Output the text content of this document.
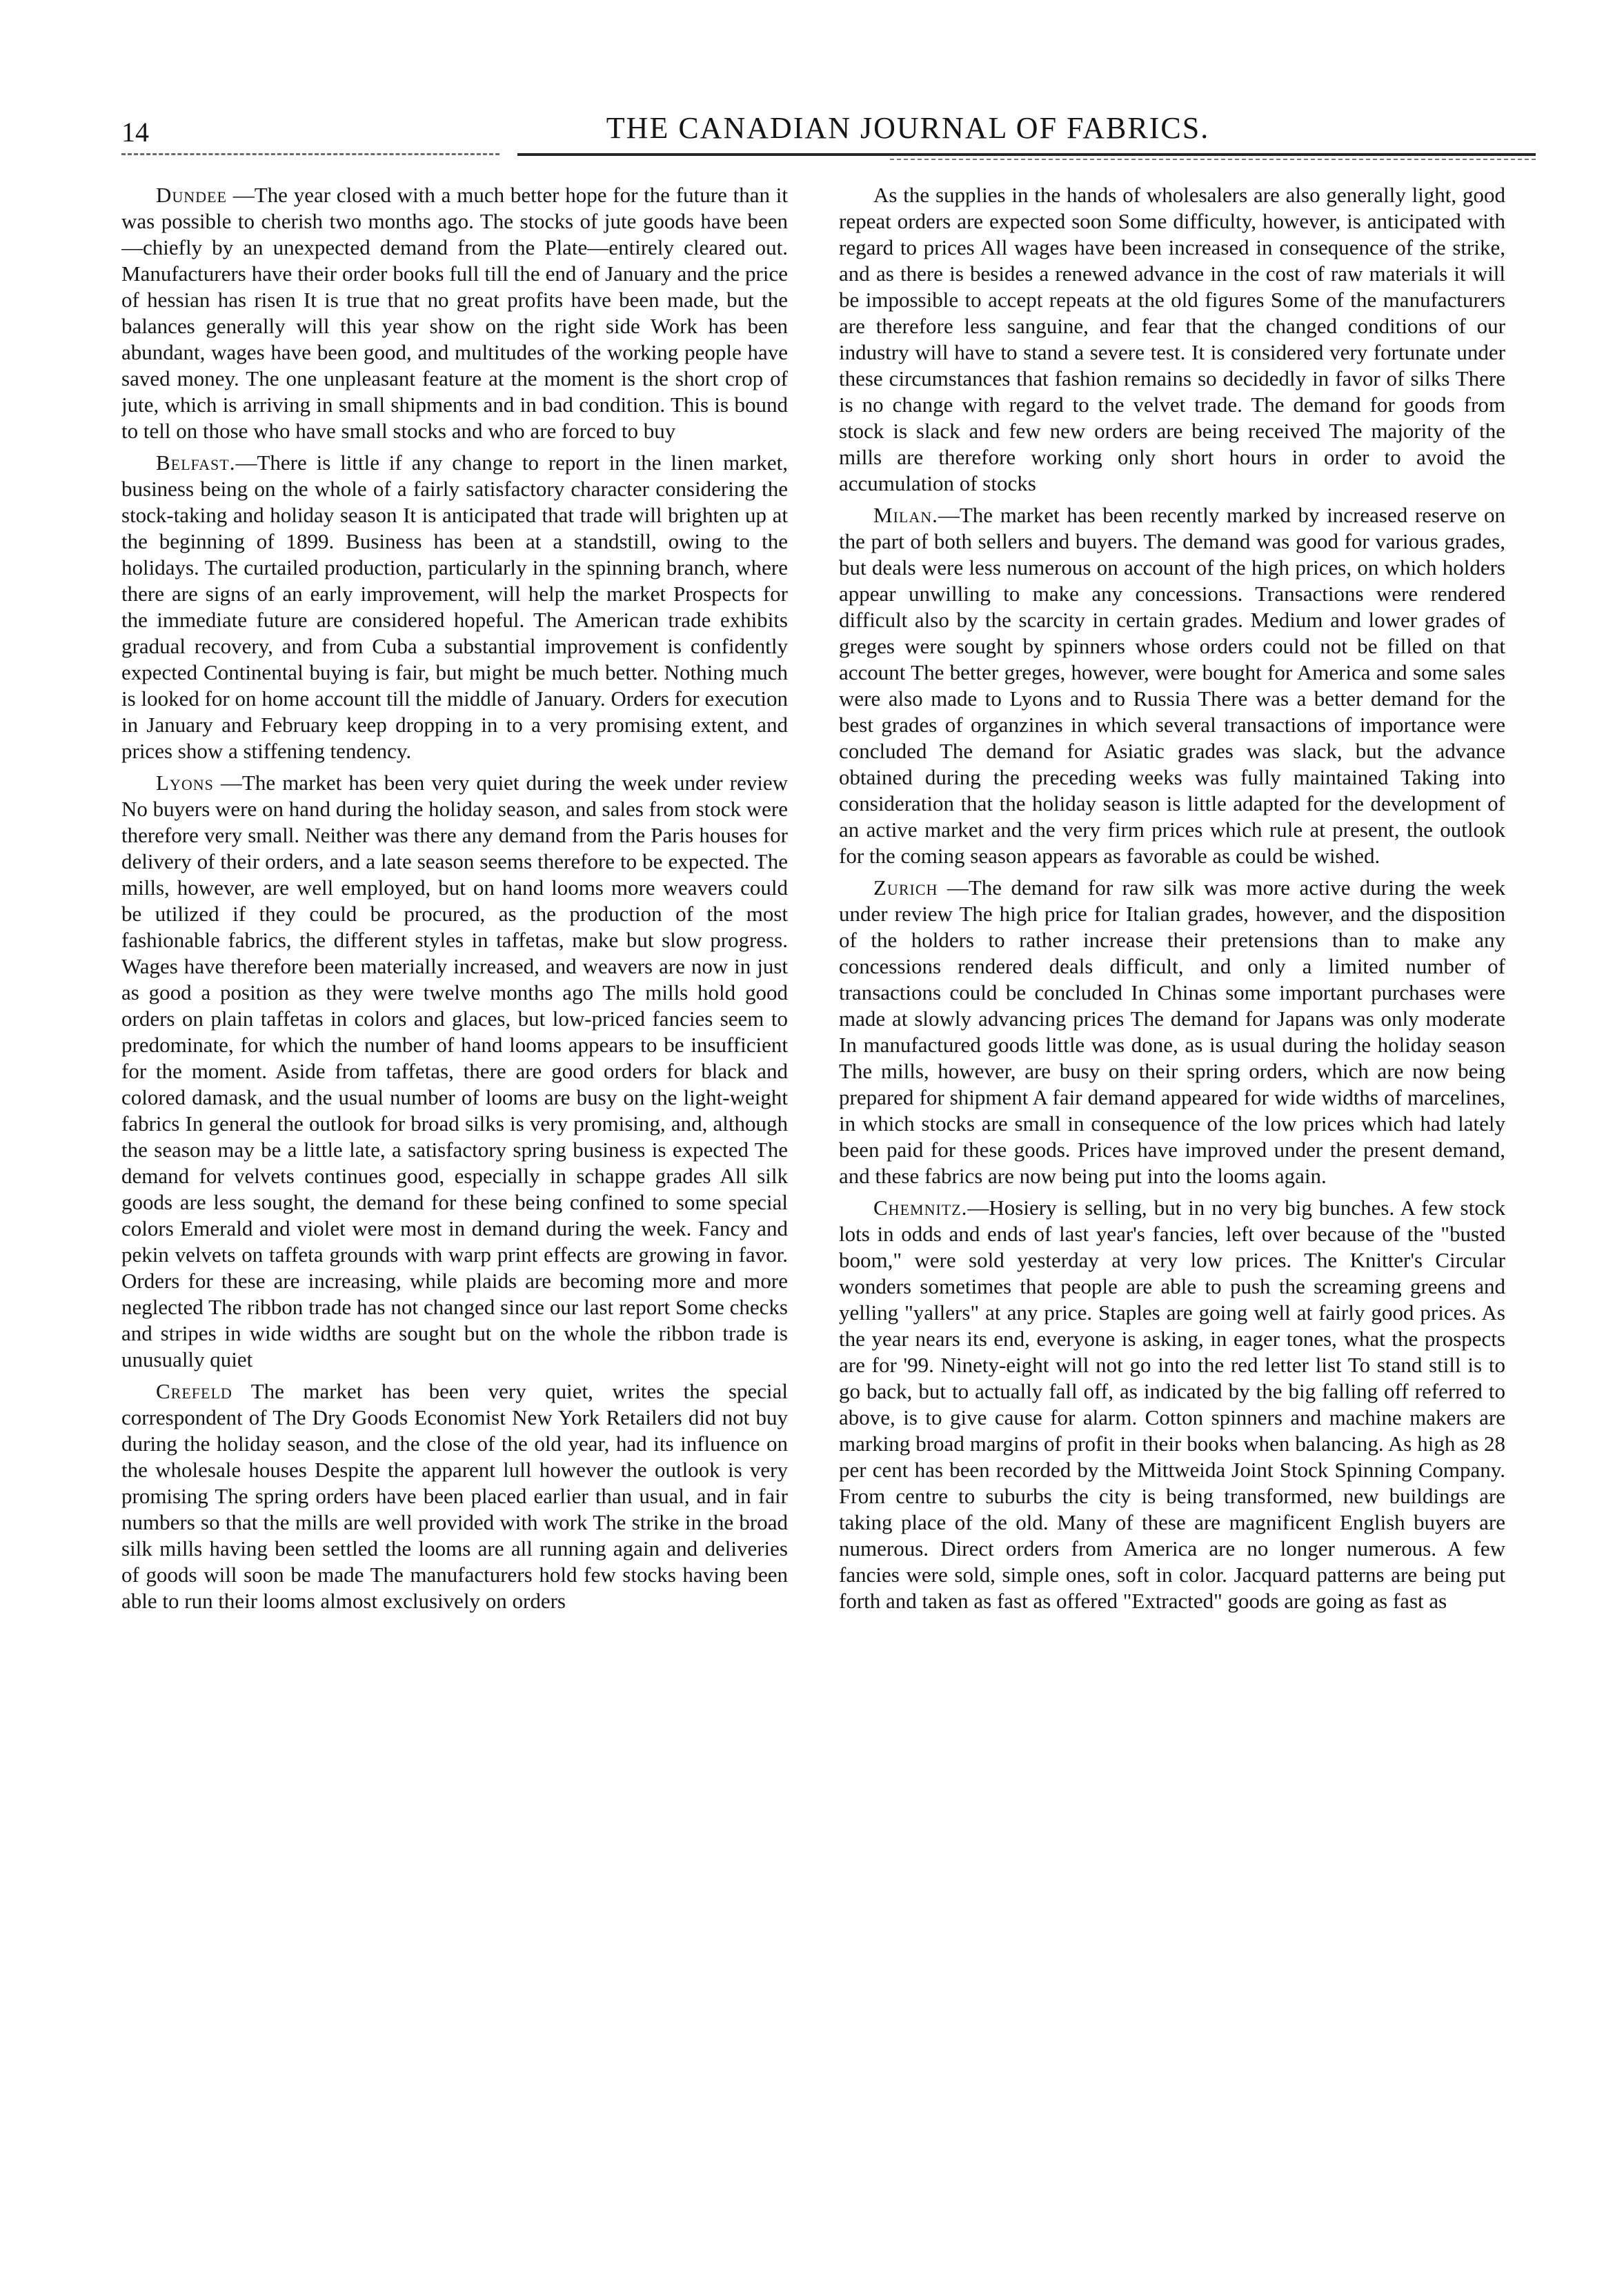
14	THE CANADIAN JOURNAL OF FABRICS.

Dundee —The year closed with a much better hope for the future than it was possible to cherish two months ago. The stocks of jute goods have been—chiefly by an unexpected demand from the Plate—entirely cleared out. Manufacturers have their order books full till the end of January and the price of hessian has risen It is true that no great profits have been made, but the balances generally will this year show on the right side Work has been abundant, wages have been good, and multitudes of the working people have saved money. The one unpleasant feature at the moment is the short crop of jute, which is arriving in small shipments and in bad condition. This is bound to tell on those who have small stocks and who are forced to buy

Belfast.—There is little if any change to report in the linen market, business being on the whole of a fairly satisfactory character considering the stock-taking and holiday season It is anticipated that trade will brighten up at the beginning of 1899. Business has been at a standstill, owing to the holidays. The curtailed production, particularly in the spinning branch, where there are signs of an early improvement, will help the market Prospects for the immediate future are considered hopeful. The American trade exhibits gradual recovery, and from Cuba a substantial improvement is confidently expected Continental buying is fair, but might be much better. Nothing much is looked for on home account till the middle of January. Orders for execution in January and February keep dropping in to a very promising extent, and prices show a stiffening tendency.

Lyons —The market has been very quiet during the week under review No buyers were on hand during the holiday season, and sales from stock were therefore very small. Neither was there any demand from the Paris houses for delivery of their orders, and a late season seems therefore to be expected. The mills, however, are well employed, but on hand looms more weavers could be utilized if they could be procured, as the production of the most fashionable fabrics, the different styles in taffetas, make but slow progress. Wages have therefore been materially increased, and weavers are now in just as good a position as they were twelve months ago The mills hold good orders on plain taffetas in colors and glaces, but low-priced fancies seem to predominate, for which the number of hand looms appears to be insufficient for the moment. Aside from taffetas, there are good orders for black and colored damask, and the usual number of looms are busy on the light-weight fabrics In general the outlook for broad silks is very promising, and, although the season may be a little late, a satisfactory spring business is expected The demand for velvets continues good, especially in schappe grades All silk goods are less sought, the demand for these being confined to some special colors Emerald and violet were most in demand during the week. Fancy and pekin velvets on taffeta grounds with warp print effects are growing in favor. Orders for these are increasing, while plaids are becoming more and more neglected The ribbon trade has not changed since our last report Some checks and stripes in wide widths are sought but on the whole the ribbon trade is unusually quiet

Crefeld The market has been very quiet, writes the special correspondent of The Dry Goods Economist New York Retailers did not buy during the holiday season, and the close of the old year, had its influence on the wholesale houses Despite the apparent lull however the outlook is very promising The spring orders have been placed earlier than usual, and in fair numbers so that the mills are well provided with work The strike in the broad silk mills having been settled the looms are all running again and deliveries of goods will soon be made The manufacturers hold few stocks having been able to run their looms almost exclusively on orders

As the supplies in the hands of wholesalers are also generally light, good repeat orders are expected soon Some difficulty, however, is anticipated with regard to prices All wages have been increased in consequence of the strike, and as there is besides a renewed advance in the cost of raw materials it will be impossible to accept repeats at the old figures Some of the manufacturers are therefore less sanguine, and fear that the changed conditions of our industry will have to stand a severe test. It is considered very fortunate under these circumstances that fashion remains so decidedly in favor of silks There is no change with regard to the velvet trade. The demand for goods from stock is slack and few new orders are being received The majority of the mills are therefore working only short hours in order to avoid the accumulation of stocks

Milan.—The market has been recently marked by increased reserve on the part of both sellers and buyers. The demand was good for various grades, but deals were less numerous on account of the high prices, on which holders appear unwilling to make any concessions. Transactions were rendered difficult also by the scarcity in certain grades. Medium and lower grades of greges were sought by spinners whose orders could not be filled on that account The better greges, however, were bought for America and some sales were also made to Lyons and to Russia There was a better demand for the best grades of organzines in which several transactions of importance were concluded The demand for Asiatic grades was slack, but the advance obtained during the preceding weeks was fully maintained Taking into consideration that the holiday season is little adapted for the development of an active market and the very firm prices which rule at present, the outlook for the coming season appears as favorable as could be wished.

Zurich —The demand for raw silk was more active during the week under review The high price for Italian grades, however, and the disposition of the holders to rather increase their pretensions than to make any concessions rendered deals difficult, and only a limited number of transactions could be concluded In Chinas some important purchases were made at slowly advancing prices The demand for Japans was only moderate In manufactured goods little was done, as is usual during the holiday season The mills, however, are busy on their spring orders, which are now being prepared for shipment A fair demand appeared for wide widths of marcelines, in which stocks are small in consequence of the low prices which had lately been paid for these goods. Prices have improved under the present demand, and these fabrics are now being put into the looms again.

Chemnitz.—Hosiery is selling, but in no very big bunches. A few stock lots in odds and ends of last year's fancies, left over because of the "busted boom," were sold yesterday at very low prices. The Knitter's Circular wonders sometimes that people are able to push the screaming greens and yelling "yallers" at any price. Staples are going well at fairly good prices. As the year nears its end, everyone is asking, in eager tones, what the prospects are for '99. Ninety-eight will not go into the red letter list To stand still is to go back, but to actually fall off, as indicated by the big falling off referred to above, is to give cause for alarm. Cotton spinners and machine makers are marking broad margins of profit in their books when balancing. As high as 28 per cent has been recorded by the Mittweida Joint Stock Spinning Company. From centre to suburbs the city is being transformed, new buildings are taking place of the old. Many of these are magnificent English buyers are numerous. Direct orders from America are no longer numerous. A few fancies were sold, simple ones, soft in color. Jacquard patterns are being put forth and taken as fast as offered "Extracted" goods are going as fast as
